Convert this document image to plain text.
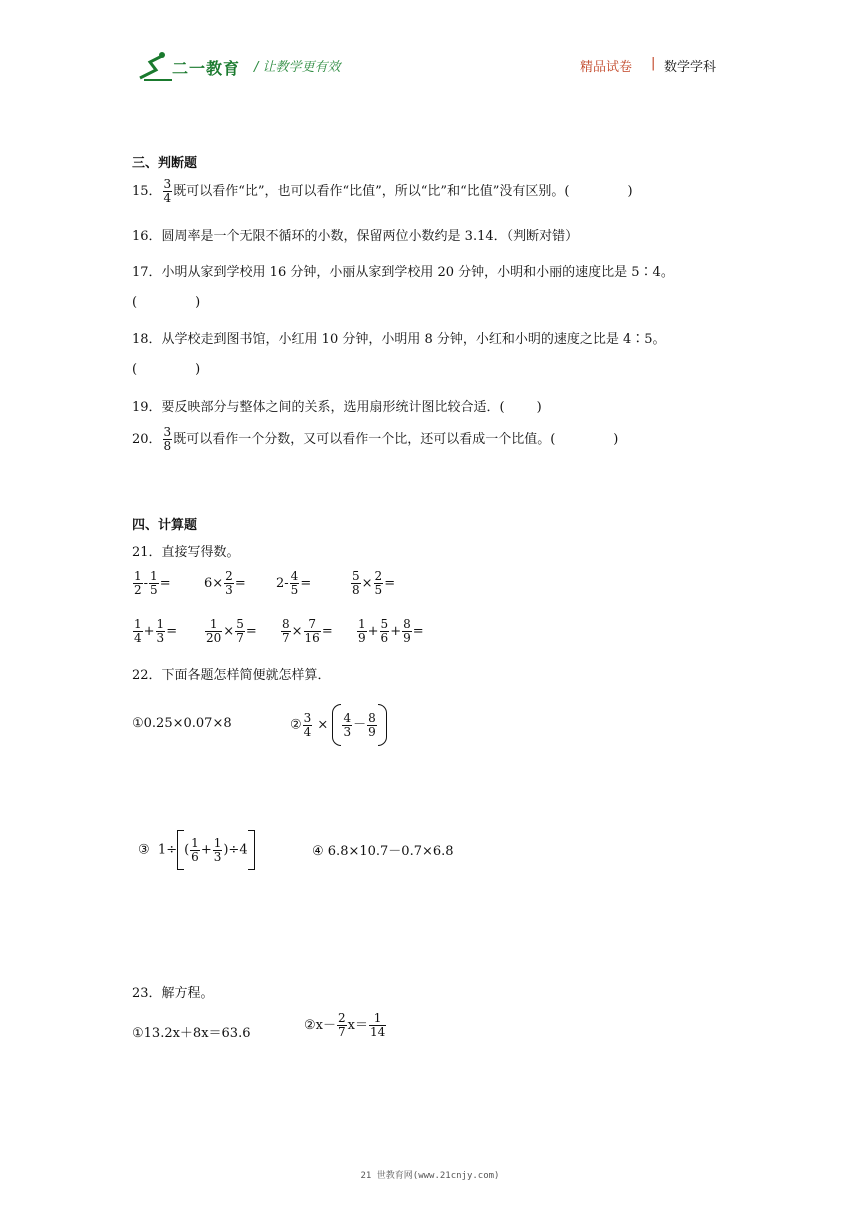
二一教育 / 让教学更有效	精品试卷 | 数学学科
三、判断题
15． $\frac{3}{4}$ 既可以看作“比”，也可以看作“比值”，所以“比”和“比值”没有区别。(	)
16．圆周率是一个无限不循环的小数，保留两位小数约是 3.14．（判断对错）
17．小明从家到学校用 16 分钟，小丽从家到学校用 20 分钟，小明和小丽的速度比是 5∶4。
(	)
18．从学校走到图书馆，小红用 10 分钟，小明用 8 分钟，小红和小明的速度之比是 4∶5。
(	)
19．要反映部分与整体之间的关系，选用扇形统计图比较合适．( )
20． $\frac{3}{8}$ 既可以看作一个分数，又可以看作一个比，还可以看成一个比值。(	)
四、计算题
21．直接写得数。
$\frac{1}{2} - \frac{1}{5}$ =	$6\times \frac{2}{3} = 2- \frac{4}{5}$ =	$\frac{5}{8} \times \frac{2}{5}$ =
$\frac{1}{4} + \frac{1}{3} = \frac{1}{20} \times \frac{5}{7} = \frac{8}{7} \times \frac{7}{16} = \frac{1}{9} + \frac{5}{6} + \frac{8}{9}$ =
22．下面各题怎样简便就怎样算．
①0.25×0.07×8	② $\frac{3}{4} \times \frac{4}{3} - \frac{8}{9}$
③  1÷ ( $\frac{1}{6} + \frac{1}{3} )\div 4$	④ 6.8×10.7－0.7×6.8
23．解方程。
①13.2x＋8x＝63.6
②x－ $\frac{2}{7} x= \frac{1}{14}$
21 世教育网(www.21cnjy.com)
